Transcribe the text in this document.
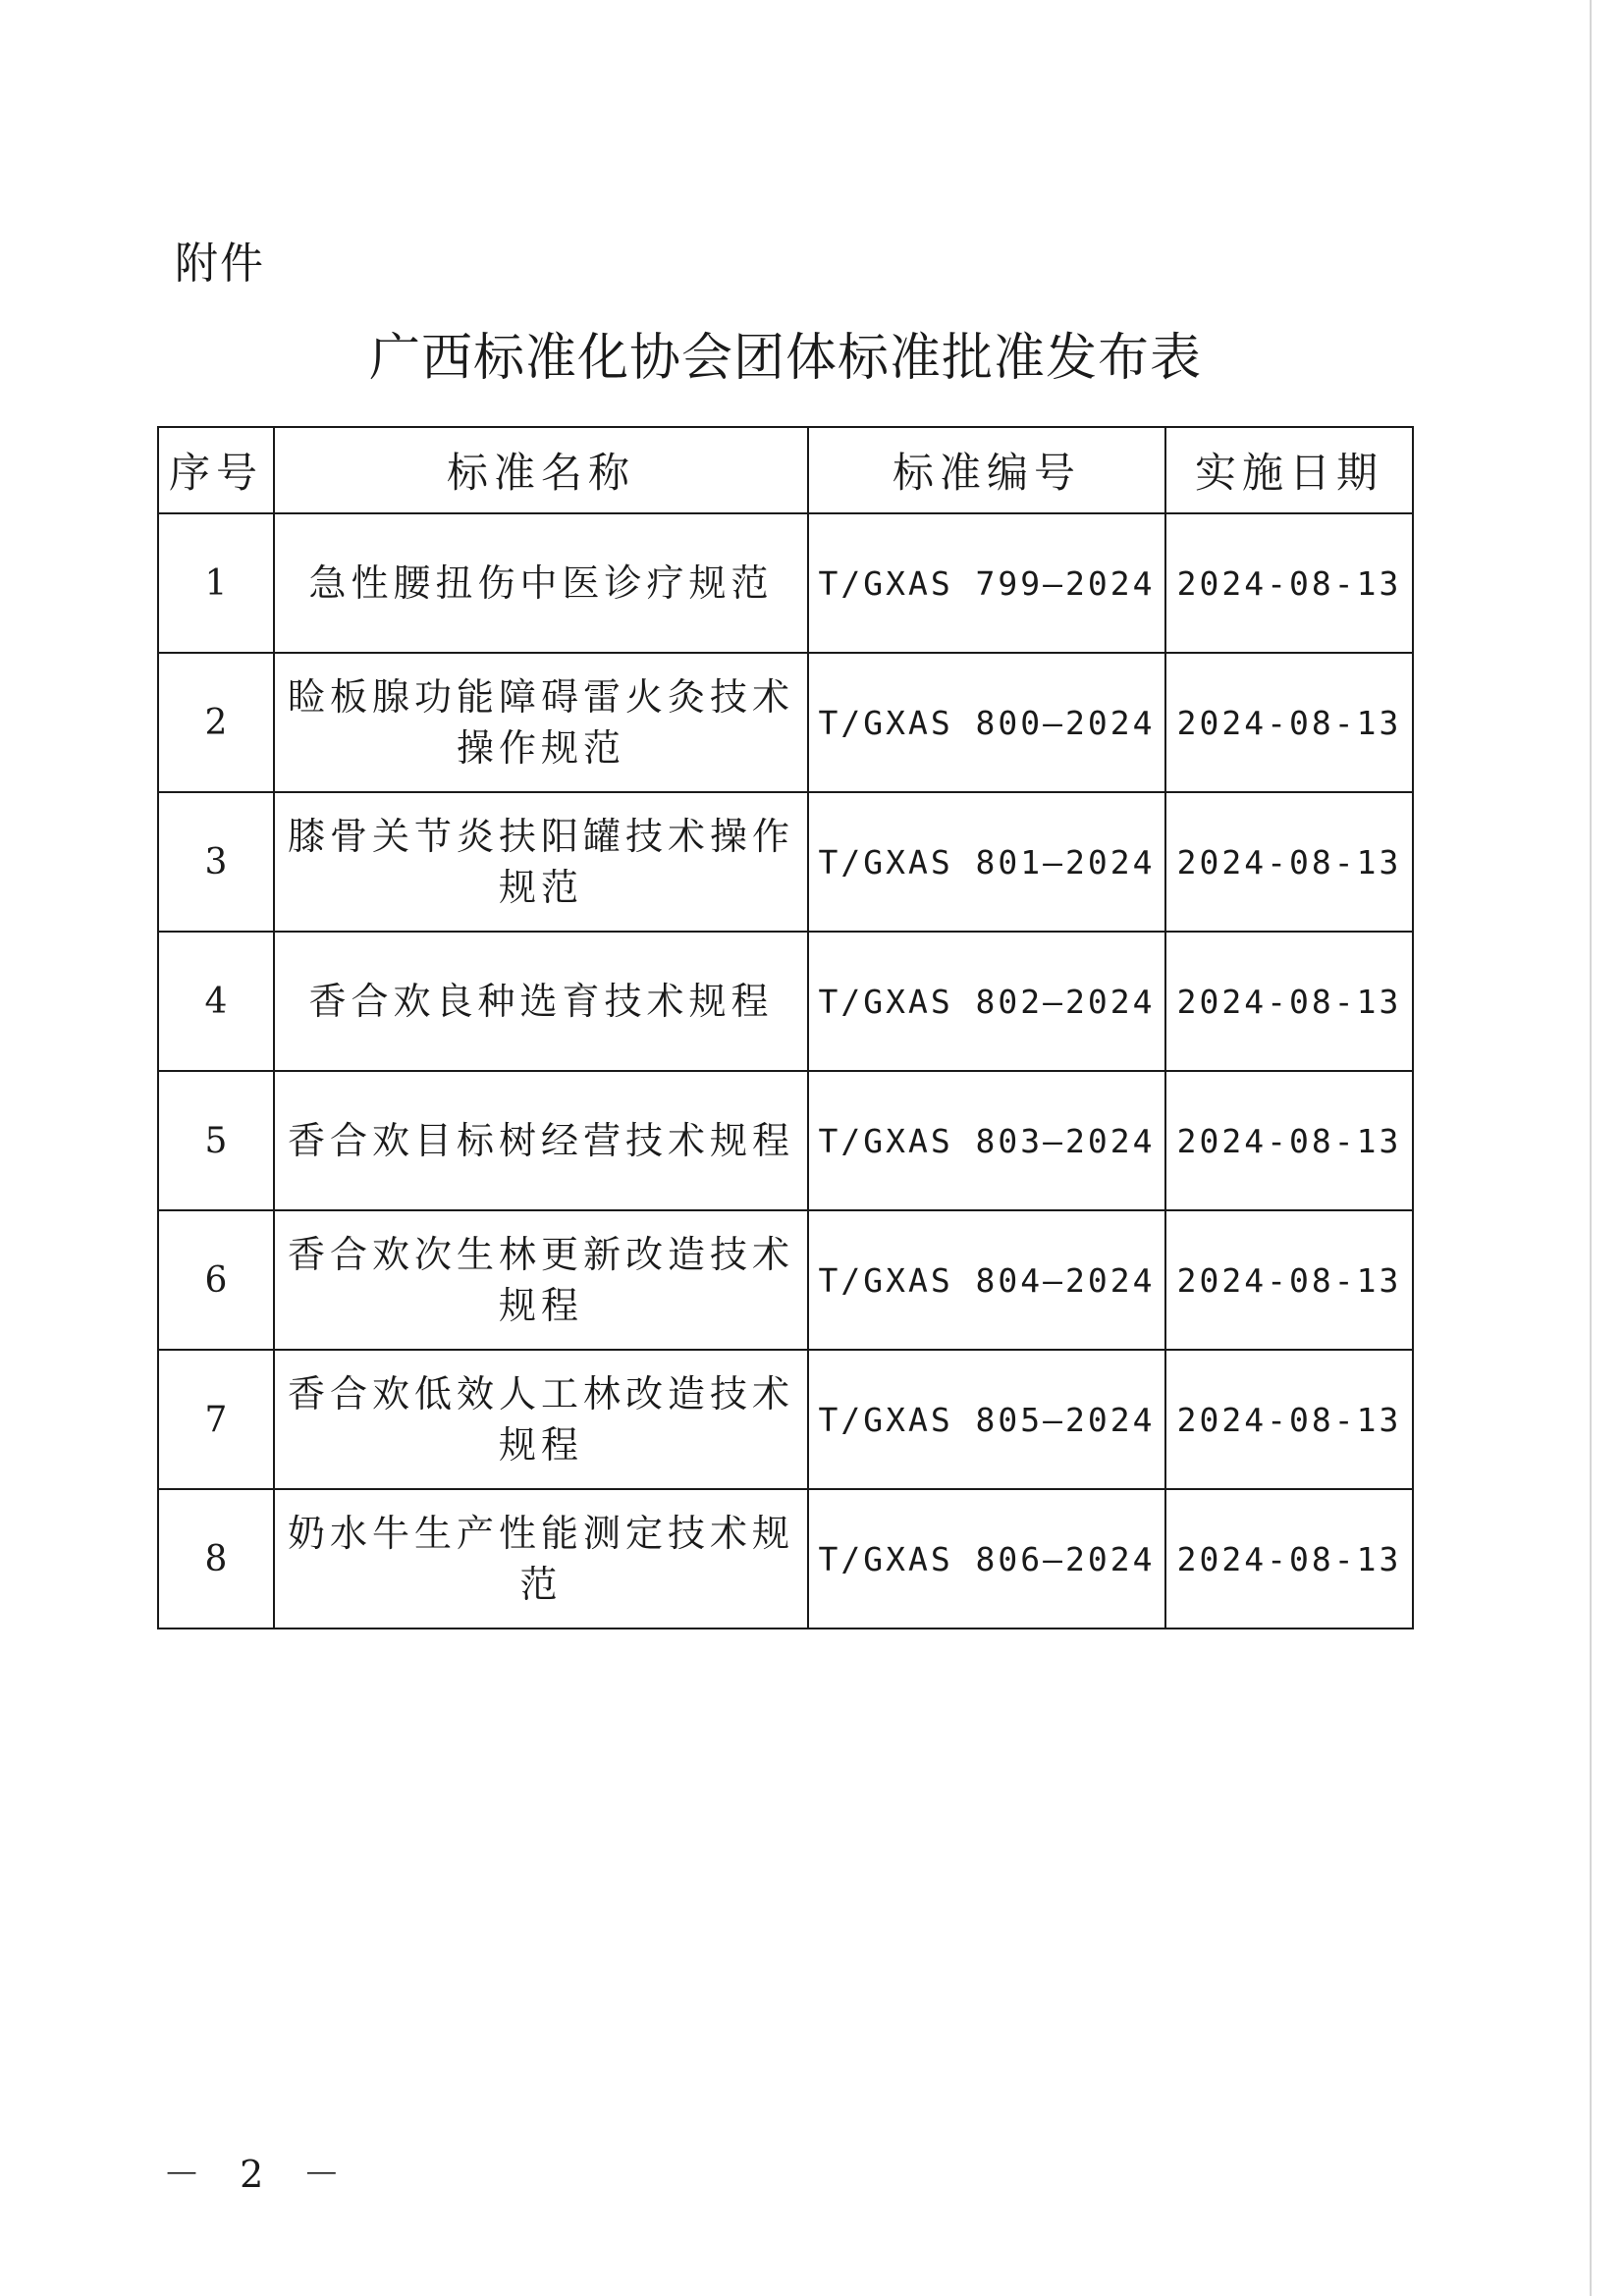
附件
广西标准化协会团体标准批准发布表
序号	标准名称	标准编号	实施日期
1	急性腰扭伤中医诊疗规范	T/GXAS 799—2024	2024-08-13
2	睑板腺功能障碍雷火灸技术操作规范	T/GXAS 800—2024	2024-08-13
3	膝骨关节炎扶阳罐技术操作规范	T/GXAS 801—2024	2024-08-13
4	香合欢良种选育技术规程	T/GXAS 802—2024	2024-08-13
5	香合欢目标树经营技术规程	T/GXAS 803—2024	2024-08-13
6	香合欢次生林更新改造技术规程	T/GXAS 804—2024	2024-08-13
7	香合欢低效人工林改造技术规程	T/GXAS 805—2024	2024-08-13
8	奶水牛生产性能测定技术规范	T/GXAS 806—2024	2024-08-13
－ 2 －
